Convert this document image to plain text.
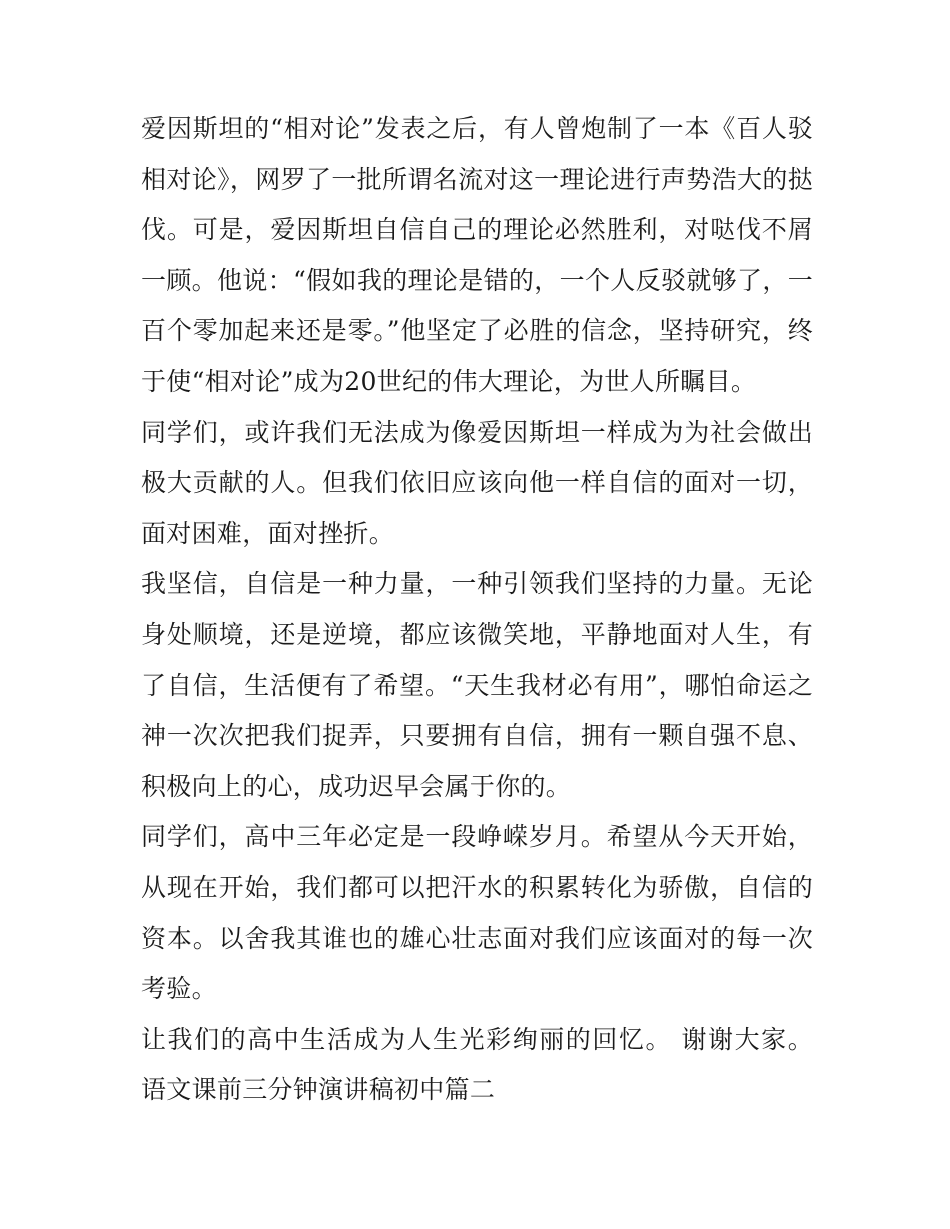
爱因斯坦的“相对论”发表之后，有人曾炮制了一本《百人驳相对论》，网罗了一批所谓名流对这一理论进行声势浩大的挞伐。可是，爱因斯坦自信自己的理论必然胜利，对哒伐不屑一顾。他说：“假如我的理论是错的，一个人反驳就够了，一百个零加起来还是零。”他坚定了必胜的信念，坚持研究，终于使“相对论”成为20世纪的伟大理论，为世人所瞩目。

同学们，或许我们无法成为像爱因斯坦一样成为为社会做出极大贡献的人。但我们依旧应该向他一样自信的面对一切，面对困难，面对挫折。

我坚信，自信是一种力量，一种引领我们坚持的力量。无论身处顺境，还是逆境，都应该微笑地，平静地面对人生，有了自信，生活便有了希望。“天生我材必有用”，哪怕命运之神一次次把我们捉弄，只要拥有自信，拥有一颗自强不息、积极向上的心，成功迟早会属于你的。

同学们，高中三年必定是一段峥嵘岁月。希望从今天开始，从现在开始，我们都可以把汗水的积累转化为骄傲，自信的资本。以舍我其谁也的雄心壮志面对我们应该面对的每一次考验。

让我们的高中生活成为人生光彩绚丽的回忆。 谢谢大家。 语文课前三分钟演讲稿初中篇二
